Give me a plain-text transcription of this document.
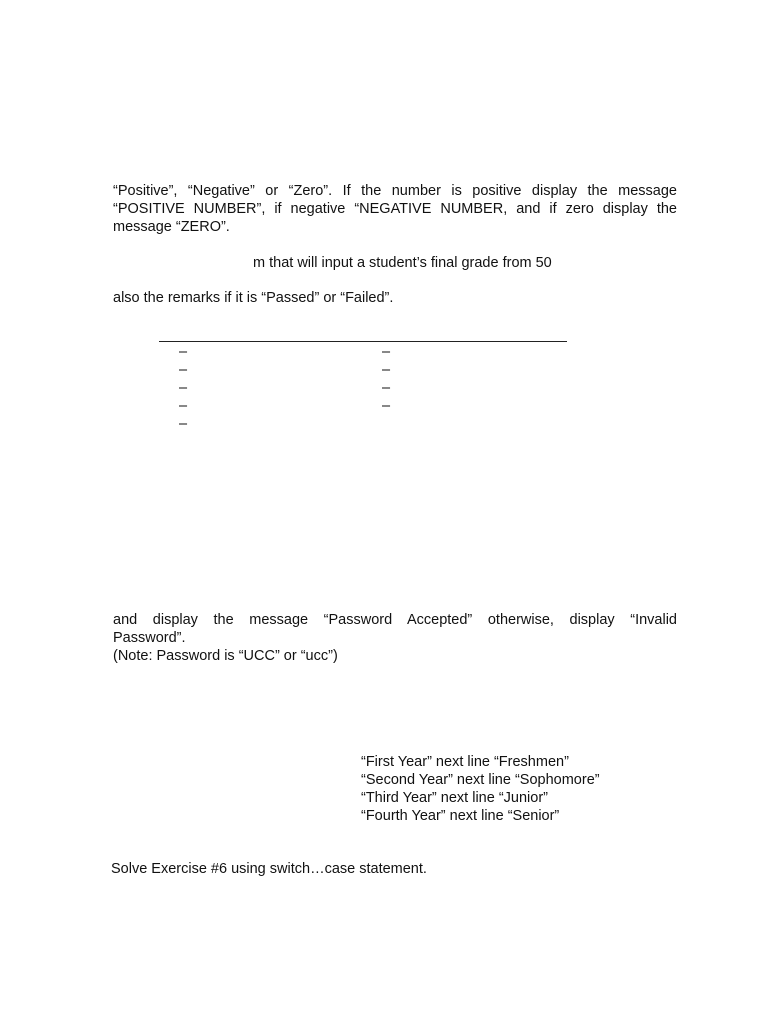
“Positive”, “Negative” or “Zero”. If the number is positive display the message
“POSITIVE NUMBER”, if negative “NEGATIVE NUMBER, and if zero display the
message “ZERO”.
m that will input a student’s final grade from 50
also the remarks if it is “Passed” or “Failed”.
–
–
–
–
–
–
–
–
–
and display the message “Password Accepted” otherwise, display “Invalid
Password”.
(Note: Password is “UCC” or “ucc”)
“First Year” next line “Freshmen”
“Second Year” next line “Sophomore”
“Third Year” next line “Junior”
“Fourth Year” next line “Senior”
Solve Exercise #6 using switch…case statement.
